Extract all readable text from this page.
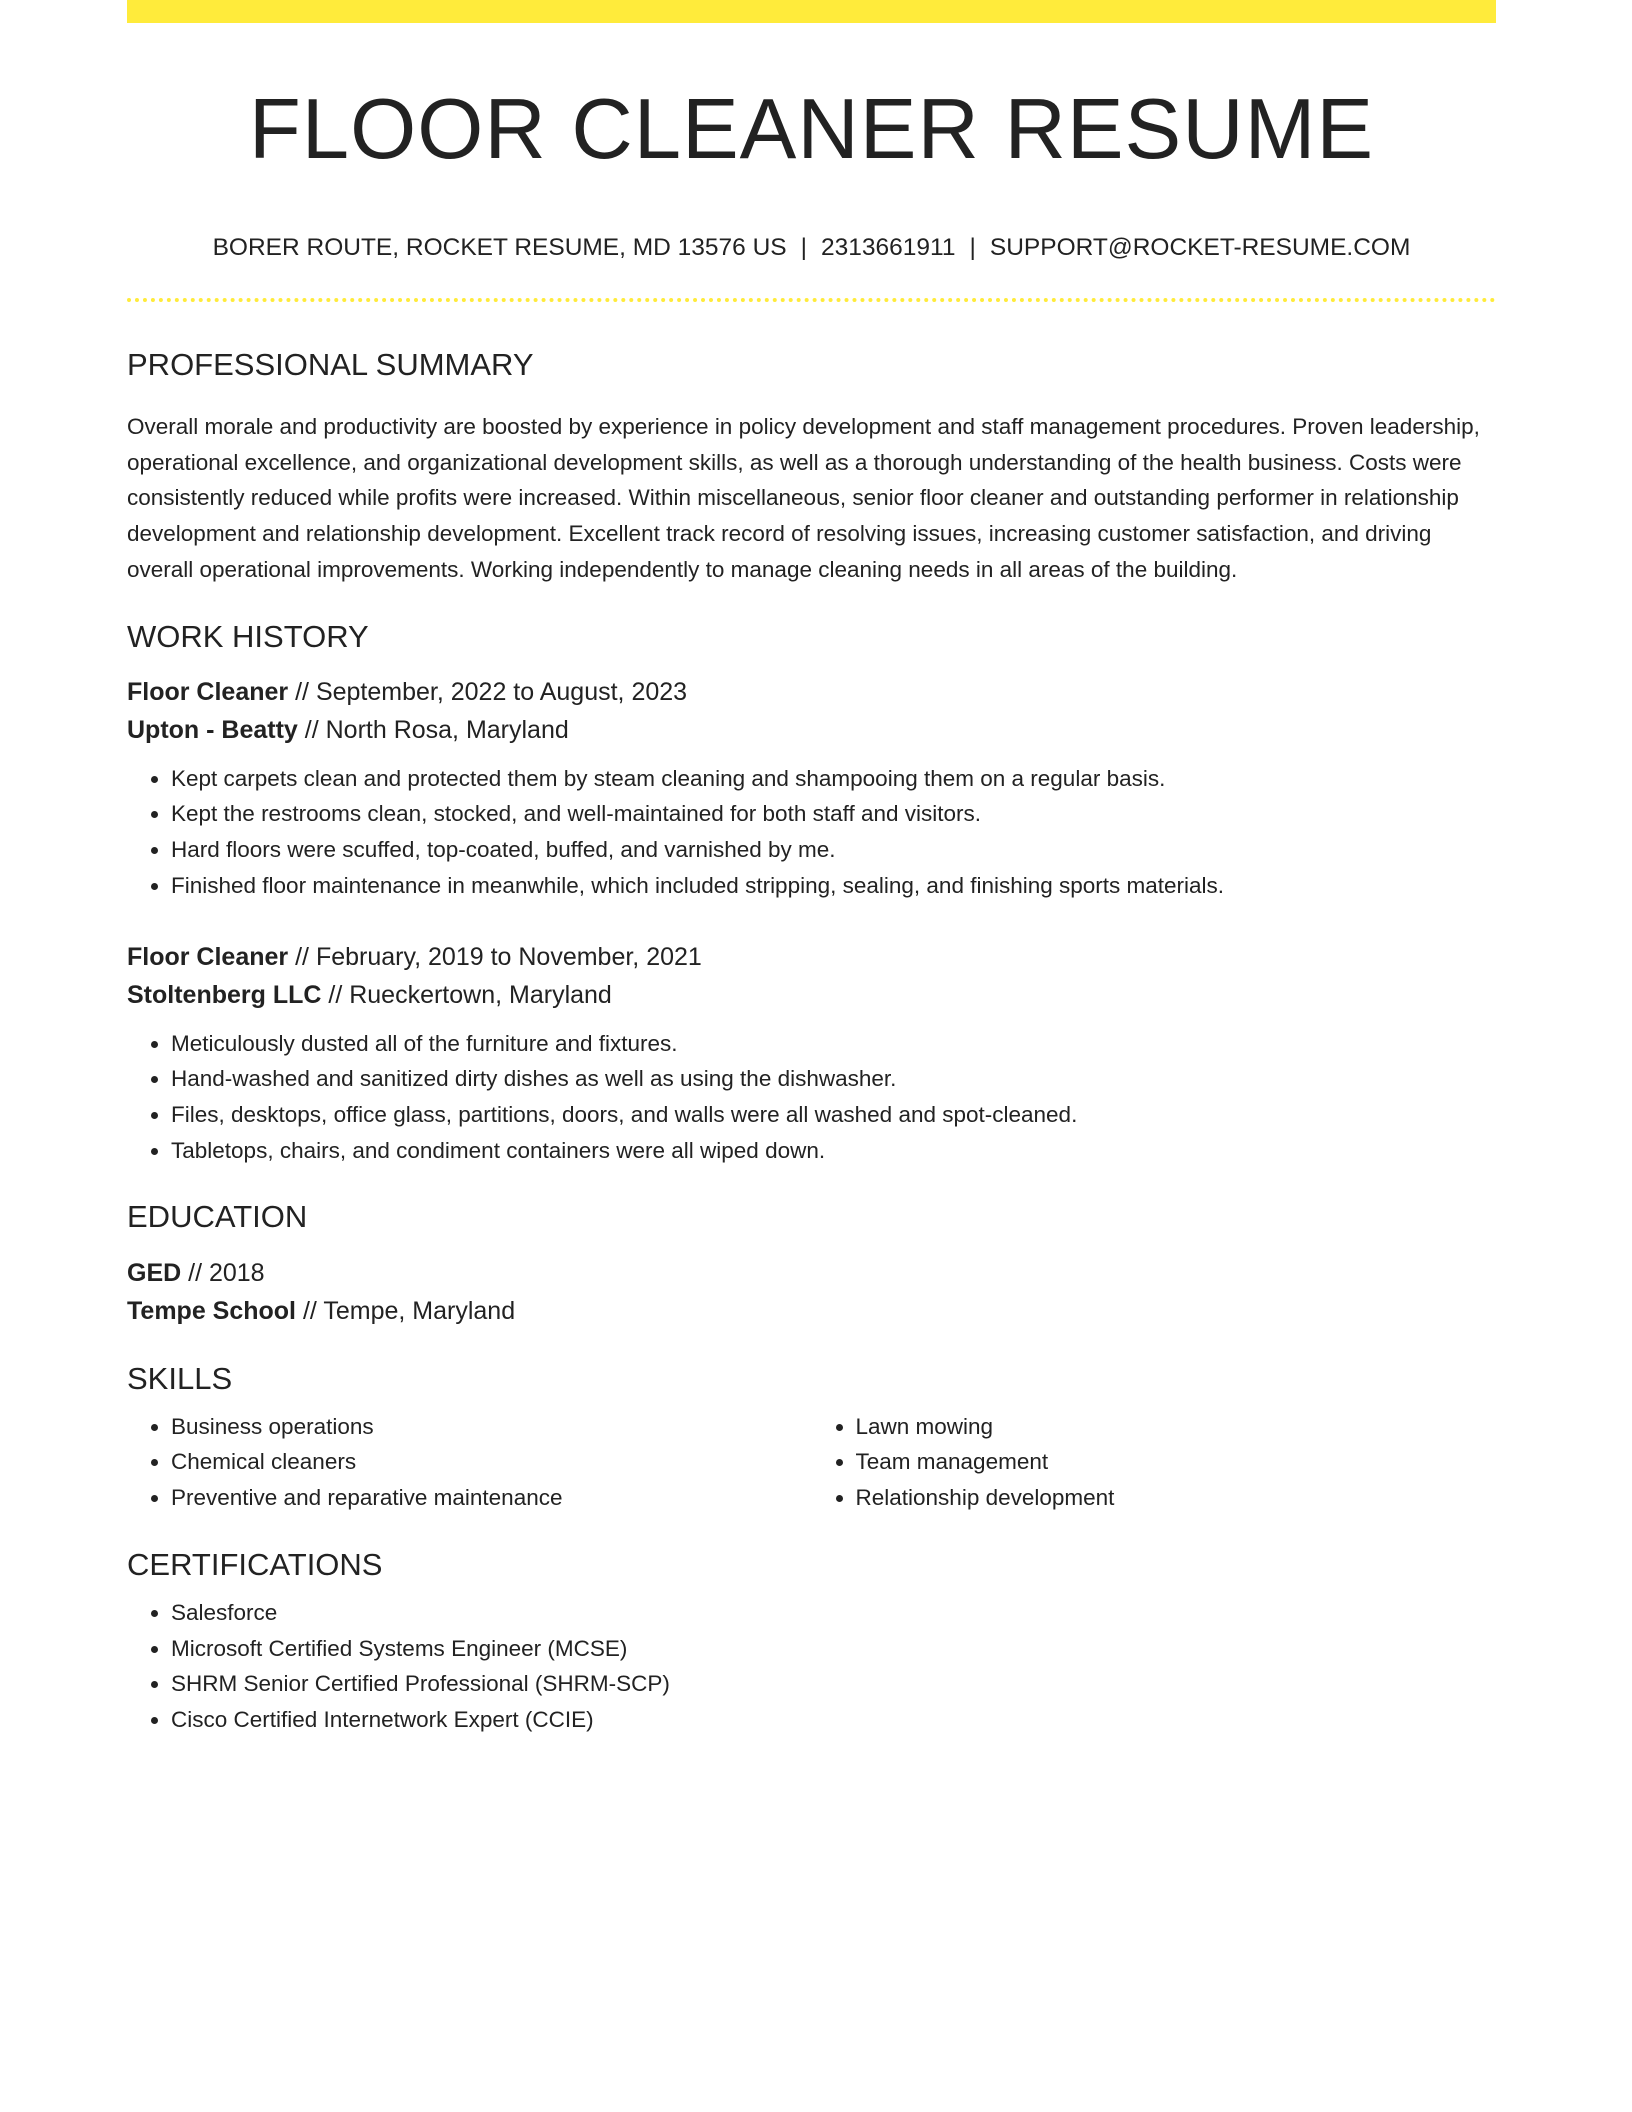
FLOOR CLEANER RESUME
BORER ROUTE, ROCKET RESUME, MD 13576 US | 2313661911 | SUPPORT@ROCKET-RESUME.COM
PROFESSIONAL SUMMARY

Overall morale and productivity are boosted by experience in policy development and staff management procedures. Proven leadership, operational excellence, and organizational development skills, as well as a thorough understanding of the health business. Costs were consistently reduced while profits were increased. Within miscellaneous, senior floor cleaner and outstanding performer in relationship development and relationship development. Excellent track record of resolving issues, increasing customer satisfaction, and driving overall operational improvements. Working independently to manage cleaning needs in all areas of the building.

WORK HISTORY
Floor Cleaner // September, 2022 to August, 2023
Upton - Beatty // North Rosa, Maryland
• Kept carpets clean and protected them by steam cleaning and shampooing them on a regular basis.
• Kept the restrooms clean, stocked, and well-maintained for both staff and visitors.
• Hard floors were scuffed, top-coated, buffed, and varnished by me.
• Finished floor maintenance in meanwhile, which included stripping, sealing, and finishing sports materials.
Floor Cleaner // February, 2019 to November, 2021
Stoltenberg LLC // Rueckertown, Maryland
• Meticulously dusted all of the furniture and fixtures.
• Hand-washed and sanitized dirty dishes as well as using the dishwasher.
• Files, desktops, office glass, partitions, doors, and walls were all washed and spot-cleaned.
• Tabletops, chairs, and condiment containers were all wiped down.
EDUCATION
GED // 2018
Tempe School // Tempe, Maryland
SKILLS
• Business operations
• Chemical cleaners
• Preventive and reparative maintenance
• Lawn mowing
• Team management
• Relationship development
CERTIFICATIONS
• Salesforce
• Microsoft Certified Systems Engineer (MCSE)
• SHRM Senior Certified Professional (SHRM-SCP)
• Cisco Certified Internetwork Expert (CCIE)
